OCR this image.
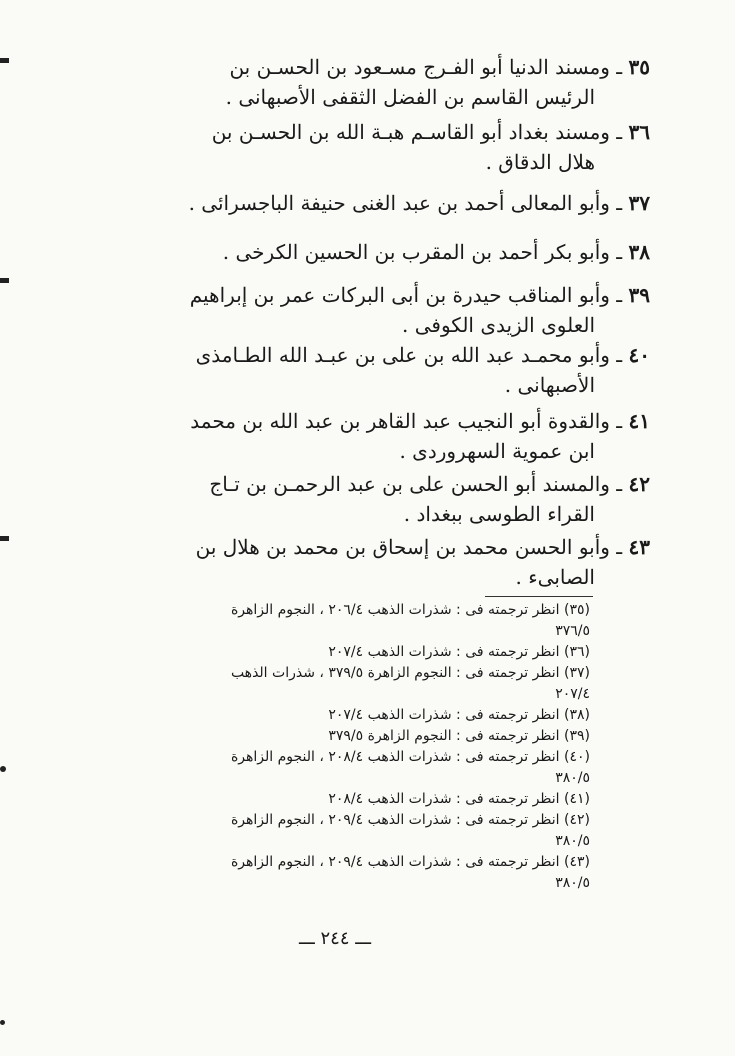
٣٥ ـ ومسند الدنيا أبو الفـرج مسـعود بن الحسـن بن
الرئيس القاسم بن الفضل الثقفى الأصبهانى .

٣٦ ـ ومسند بغداد أبو القاسـم هبـة الله بن الحسـن بن
هلال الدقاق .

٣٧ ـ وأبو المعالى أحمد بن عبد الغنى حنيفة الباجسرائى .

٣٨ ـ وأبو بكر أحمد بن المقرب بن الحسين الكرخى .

٣٩ ـ وأبو المناقب حيدرة بن أبى البركات عمر بن إبراهيم
العلوى الزيدى الكوفى .

٤٠ ـ وأبو محمـد عبد الله بن على بن عبـد الله الطـامذى
الأصبهانى .

٤١ ـ والقدوة أبو النجيب عبد القاهر بن عبد الله بن محمد
ابن عموية السهروردى .

٤٢ ـ والمسند أبو الحسن على بن عبد الرحمـن بن تـاج
القراء الطوسى ببغداد .

٤٣ ـ وأبو الحسن محمد بن إسحاق بن محمد بن هلال بن
الصابىء .

(٣٥) انظر ترجمته فى : شذرات الذهب ٢٠٦/٤ ، النجوم الزاهرة
٣٧٦/٥

(٣٦) انظر ترجمته فى : شذرات الذهب ٢٠٧/٤

(٣٧) انظر ترجمته فى : النجوم الزاهرة ٣٧٩/٥ ، شذرات الذهب
٢٠٧/٤

(٣٨) انظر ترجمته فى : شذرات الذهب ٢٠٧/٤

(٣٩) انظر ترجمته فى : النجوم الزاهرة ٣٧٩/٥

(٤٠) انظر ترجمته فى : شذرات الذهب ٢٠٨/٤ ، النجوم الزاهرة
٣٨٠/٥

(٤١) انظر ترجمته فى : شذرات الذهب ٢٠٨/٤

(٤٢) انظر ترجمته فى : شذرات الذهب ٢٠٩/٤ ، النجوم الزاهرة
٣٨٠/٥

(٤٣) انظر ترجمته فى : شذرات الذهب ٢٠٩/٤ ، النجوم الزاهرة
٣٨٠/٥

ـــ ٢٤٤ ـــ
